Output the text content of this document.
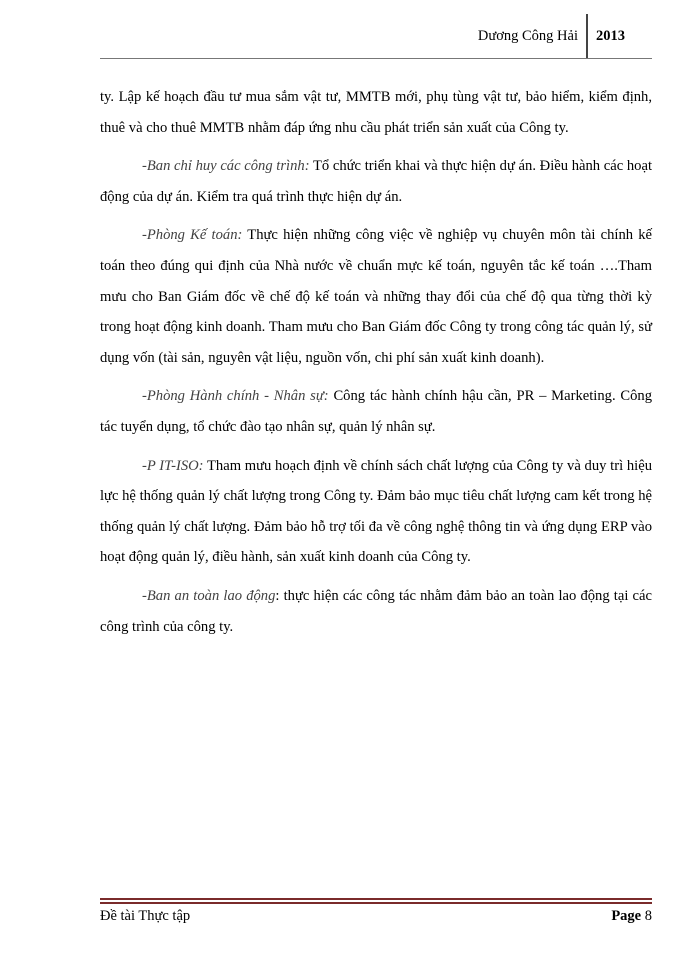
Dương Công Hải 2013

ty. Lập kế hoạch đầu tư mua sắm vật tư, MMTB mới, phụ tùng vật tư, bảo hiểm, kiểm định, thuê và cho thuê MMTB nhằm đáp ứng nhu cầu phát triển sản xuất của Công ty.

-Ban chỉ huy các công trình: Tổ chức triển khai và thực hiện dự án. Điều hành các hoạt động của dự án. Kiểm tra quá trình thực hiện dự án.

-Phòng Kế toán: Thực hiện những công việc về nghiệp vụ chuyên môn tài chính kế toán theo đúng qui định của Nhà nước về chuẩn mực kế toán, nguyên tắc kế toán ….Tham mưu cho Ban Giám đốc về chế độ kế toán và những thay đổi của chế độ qua từng thời kỳ trong hoạt động kinh doanh. Tham mưu cho Ban Giám đốc Công ty trong công tác quản lý, sử dụng vốn (tài sản, nguyên vật liệu, nguồn vốn, chi phí sản xuất kinh doanh).

-Phòng Hành chính - Nhân sự: Công tác hành chính hậu cần, PR – Marketing. Công tác tuyển dụng, tổ chức đào tạo nhân sự, quản lý nhân sự.

-P IT-ISO: Tham mưu hoạch định về chính sách chất lượng của Công ty và duy trì hiệu lực hệ thống quản lý chất lượng trong Công ty. Đảm bảo mục tiêu chất lượng cam kết trong hệ thống quản lý chất lượng. Đảm bảo hỗ trợ tối đa về công nghệ thông tin và ứng dụng ERP vào hoạt động quản lý, điều hành, sản xuất kinh doanh của Công ty.

-Ban an toàn lao động: thực hiện các công tác nhằm đảm bảo an toàn lao động tại các công trình của công ty.

Đề tài Thực tập	Page 8
